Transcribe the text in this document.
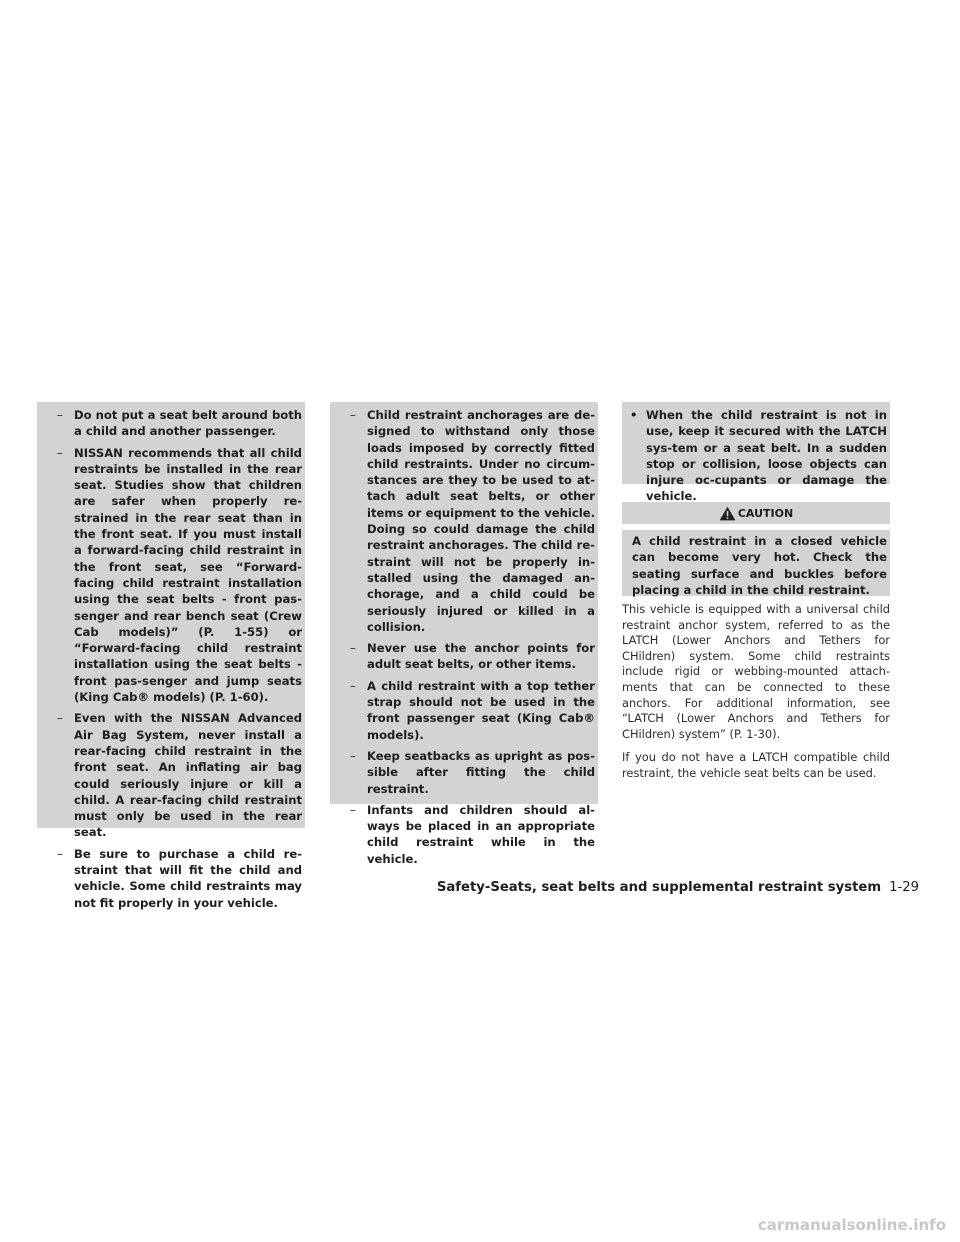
– Do not put a seat belt around both a child and another passenger.
– NISSAN recommends that all child restraints be installed in the rear seat. Studies show that children are safer when properly re-strained in the rear seat than in the front seat. If you must install a forward-facing child restraint in the front seat, see “Forward-facing child restraint installation using the seat belts - front pas-senger and rear bench seat (Crew Cab models)” (P. 1-55) or “Forward-facing child restraint installation using the seat belts - front pas-senger and jump seats (King Cab® models) (P. 1-60).
– Even with the NISSAN Advanced Air Bag System, never install a rear-facing child restraint in the front seat. An inflating air bag could seriously injure or kill a child. A rear-facing child restraint must only be used in the rear seat.
– Be sure to purchase a child re-straint that will fit the child and vehicle. Some child restraints may not fit properly in your vehicle.
– Child restraint anchorages are de-signed to withstand only those loads imposed by correctly fitted child restraints. Under no circum-stances are they to be used to at-tach adult seat belts, or other items or equipment to the vehicle. Doing so could damage the child restraint anchorages. The child re-straint will not be properly in-stalled using the damaged an-chorage, and a child could be seriously injured or killed in a collision.
– Never use the anchor points for adult seat belts, or other items.
– A child restraint with a top tether strap should not be used in the front passenger seat (King Cab® models).
– Keep seatbacks as upright as pos-sible after fitting the child restraint.
– Infants and children should al-ways be placed in an appropriate child restraint while in the vehicle.
• When the child restraint is not in use, keep it secured with the LATCH sys-tem or a seat belt. In a sudden stop or collision, loose objects can injure oc-cupants or damage the vehicle.
CAUTION
A child restraint in a closed vehicle can become very hot. Check the seating surface and buckles before placing a child in the child restraint.

This vehicle is equipped with a universal child restraint anchor system, referred to as the LATCH (Lower Anchors and Tethers for CHildren) system. Some child restraints include rigid or webbing-mounted attach-ments that can be connected to these anchors. For additional information, see “LATCH (Lower Anchors and Tethers for CHildren) system” (P. 1-30).

If you do not have a LATCH compatible child restraint, the vehicle seat belts can be used.

Safety-Seats, seat belts and supplemental restraint system 1-29
carmanualsonline.info
